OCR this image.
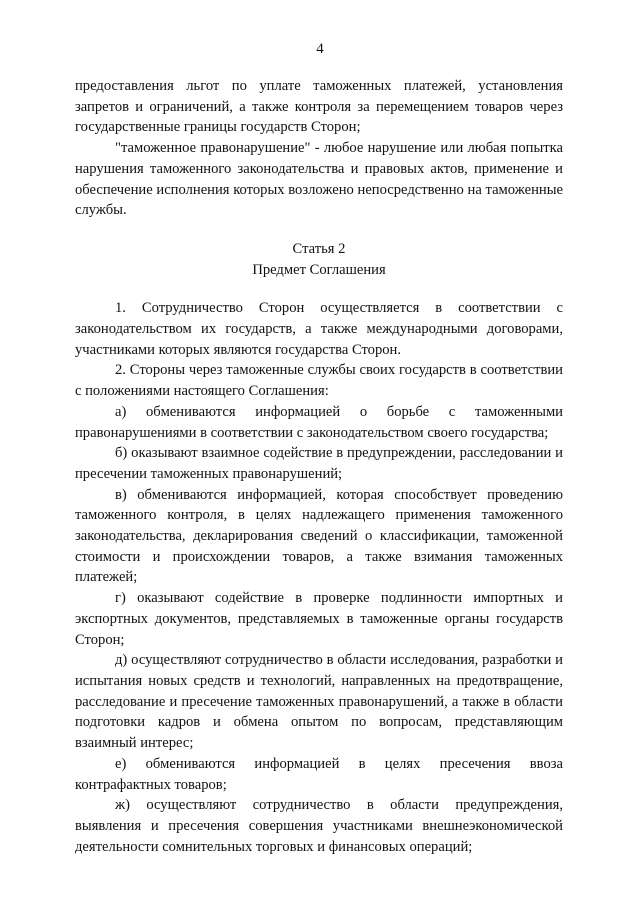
4

предоставления льгот по уплате таможенных платежей, установления запретов и ограничений, а также контроля за перемещением товаров через государственные границы государств Сторон;

"таможенное правонарушение" - любое нарушение или любая попытка нарушения таможенного законодательства и правовых актов, применение и обеспечение исполнения которых возложено непосредственно на таможенные службы.

Статья 2

Предмет Соглашения

1. Сотрудничество Сторон осуществляется в соответствии с законодательством их государств, а также международными договорами, участниками которых являются государства Сторон.

2. Стороны через таможенные службы своих государств в соответствии с положениями настоящего Соглашения:

а) обмениваются информацией о борьбе с таможенными правонарушениями в соответствии с законодательством своего государства;

б) оказывают взаимное содействие в предупреждении, расследовании и пресечении таможенных правонарушений;

в) обмениваются информацией, которая способствует проведению таможенного контроля, в целях надлежащего применения таможенного законодательства, декларирования сведений о классификации, таможенной стоимости и происхождении товаров, а также взимания таможенных платежей;

г) оказывают содействие в проверке подлинности импортных и экспортных документов, представляемых в таможенные органы государств Сторон;

д) осуществляют сотрудничество в области исследования, разработки и испытания новых средств и технологий, направленных на предотвращение, расследование и пресечение таможенных правонарушений, а также в области подготовки кадров и обмена опытом по вопросам, представляющим взаимный интерес;

е) обмениваются информацией в целях пресечения ввоза контрафактных товаров;

ж) осуществляют сотрудничество в области предупреждения, выявления и пресечения совершения участниками внешнеэкономической деятельности сомнительных торговых и финансовых операций;
